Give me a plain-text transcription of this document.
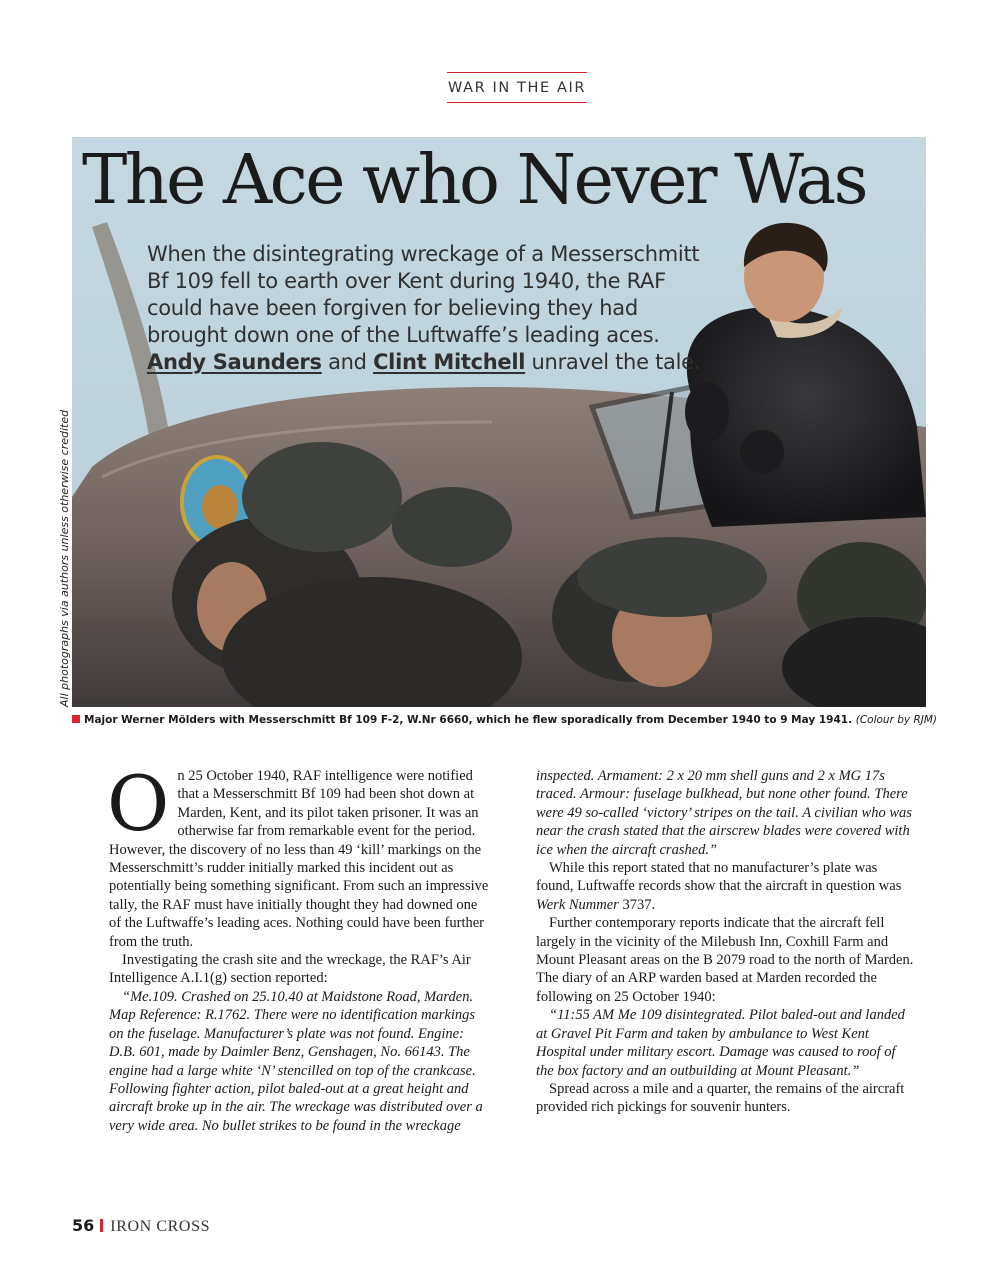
WAR IN THE AIR
The Ace who Never Was
When the disintegrating wreckage of a Messerschmitt Bf 109 fell to earth over Kent during 1940, the RAF could have been forgiven for believing they had brought down one of the Luftwaffe’s leading aces. Andy Saunders and Clint Mitchell unravel the tale.
All photographs via authors unless otherwise credited
Major Werner Mölders with Messerschmitt Bf 109 F-2, W.Nr 6660, which he flew sporadically from December 1940 to 9 May 1941. (Colour by RJM)

On 25 October 1940, RAF intelligence were notified that a Messerschmitt Bf 109 had been shot down at Marden, Kent, and its pilot taken prisoner. It was an otherwise far from remarkable event for the period. However, the discovery of no less than 49 ‘kill’ markings on the Messerschmitt’s rudder initially marked this incident out as potentially being something significant. From such an impressive tally, the RAF must have initially thought they had downed one of the Luftwaffe’s leading aces. Nothing could have been further from the truth.

Investigating the crash site and the wreckage, the RAF’s Air Intelligence A.I.1(g) section reported:

“Me.109. Crashed on 25.10.40 at Maidstone Road, Marden. Map Reference: R.1762. There were no identification markings on the fuselage. Manufacturer’s plate was not found. Engine: D.B. 601, made by Daimler Benz, Genshagen, No. 66143. The engine had a large white ‘N’ stencilled on top of the crankcase. Following fighter action, pilot baled-out at a great height and aircraft broke up in the air. The wreckage was distributed over a very wide area. No bullet strikes to be found in the wreckage

inspected. Armament: 2 x 20 mm shell guns and 2 x MG 17s traced. Armour: fuselage bulkhead, but none other found. There were 49 so-called ‘victory’ stripes on the tail. A civilian who was near the crash stated that the airscrew blades were covered with ice when the aircraft crashed.”

While this report stated that no manufacturer’s plate was found, Luftwaffe records show that the aircraft in question was Werk Nummer 3737.

Further contemporary reports indicate that the aircraft fell largely in the vicinity of the Milebush Inn, Coxhill Farm and Mount Pleasant areas on the B 2079 road to the north of Marden. The diary of an ARP warden based at Marden recorded the following on 25 October 1940:

“11:55 AM Me 109 disintegrated. Pilot baled-out and landed at Gravel Pit Farm and taken by ambulance to West Kent Hospital under military escort. Damage was caused to roof of the box factory and an outbuilding at Mount Pleasant.”

Spread across a mile and a quarter, the remains of the aircraft provided rich pickings for souvenir hunters.

56 IRON CROSS
